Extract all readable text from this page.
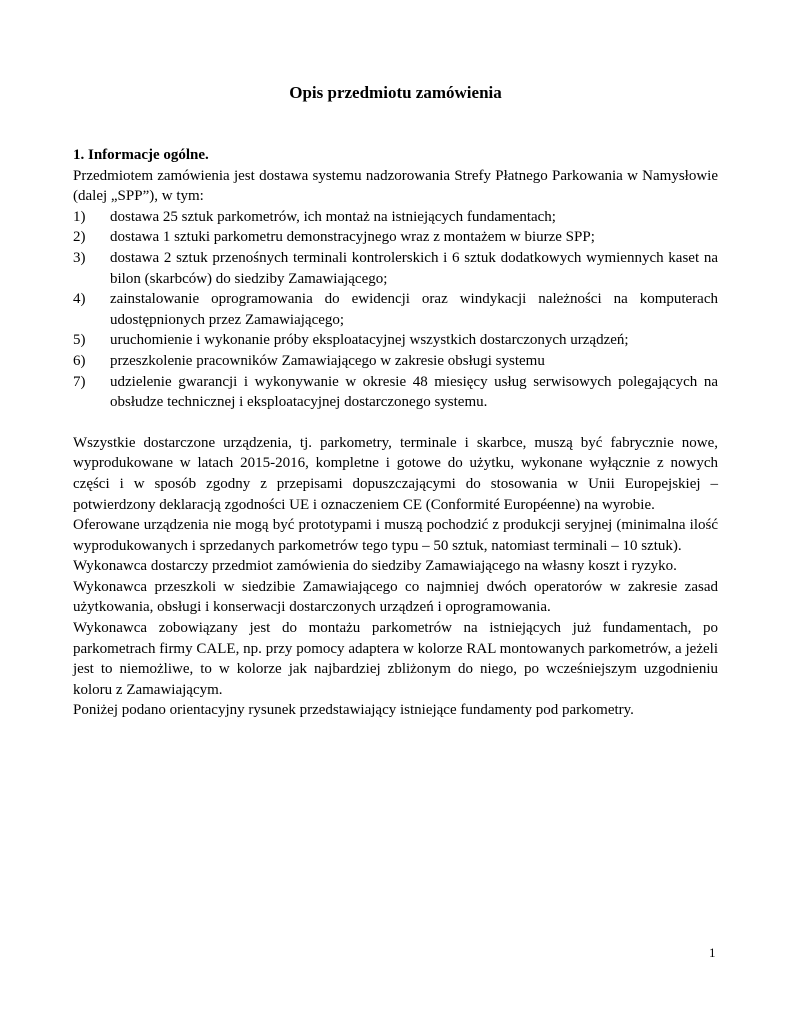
Opis przedmiotu zamówienia

1. Informacje ogólne.

Przedmiotem zamówienia jest dostawa systemu nadzorowania Strefy Płatnego Parkowania w Namysłowie (dalej „SPP”), w tym:

1) dostawa 25 sztuk parkometrów, ich montaż na istniejących fundamentach;
2) dostawa 1 sztuki parkometru demonstracyjnego wraz z montażem w biurze SPP;
3) dostawa 2 sztuk przenośnych terminali kontrolerskich i 6 sztuk dodatkowych wymiennych kaset na bilon (skarbców) do siedziby Zamawiającego;
4) zainstalowanie oprogramowania do ewidencji oraz windykacji należności na komputerach udostępnionych przez Zamawiającego;
5) uruchomienie i wykonanie próby eksploatacyjnej wszystkich dostarczonych urządzeń;
6) przeszkolenie pracowników Zamawiającego w zakresie obsługi systemu
7) udzielenie gwarancji i wykonywanie w okresie 48 miesięcy usług serwisowych polegających na obsłudze technicznej i eksploatacyjnej dostarczonego systemu.

Wszystkie dostarczone urządzenia, tj. parkometry, terminale i skarbce, muszą być fabrycznie nowe, wyprodukowane w latach 2015-2016, kompletne i gotowe do użytku, wykonane wyłącznie z nowych części i w sposób zgodny z przepisami dopuszczającymi do stosowania w Unii Europejskiej – potwierdzony deklaracją zgodności UE i oznaczeniem CE (Conformité Européenne) na wyrobie.

Oferowane urządzenia nie mogą być prototypami i muszą pochodzić z produkcji seryjnej (minimalna ilość wyprodukowanych i sprzedanych parkometrów tego typu – 50 sztuk, natomiast terminali – 10 sztuk).

Wykonawca dostarczy przedmiot zamówienia do siedziby Zamawiającego na własny koszt i ryzyko.

Wykonawca przeszkoli w siedzibie Zamawiającego co najmniej dwóch operatorów w zakresie zasad użytkowania, obsługi i konserwacji dostarczonych urządzeń i oprogramowania.

Wykonawca zobowiązany jest do montażu parkometrów na istniejących już fundamentach, po parkometrach firmy CALE, np. przy pomocy adaptera w kolorze RAL montowanych parkometrów, a jeżeli jest to niemożliwe, to w kolorze jak najbardziej zbliżonym do niego, po wcześniejszym uzgodnieniu koloru z Zamawiającym.

Poniżej podano orientacyjny rysunek przedstawiający istniejące fundamenty pod parkometry.

1
